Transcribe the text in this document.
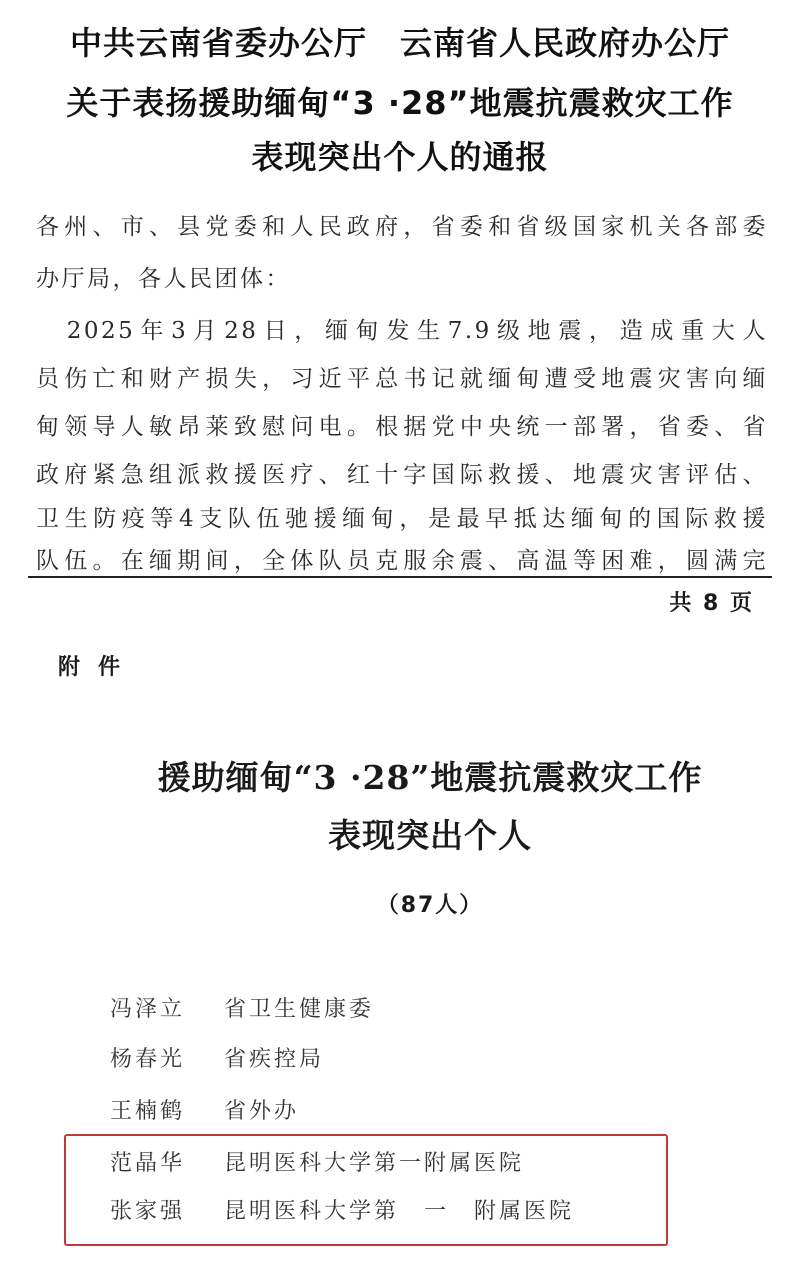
中共云南省委办公厅　云南省人民政府办公厅
关于表扬援助缅甸“3 ·28”地震抗震救灾工作
表现突出个人的通报
各州、市、县党委和人民政府，省委和省级国家机关各部委
办厅局，各人民团体：
　2025年3月28日，缅甸发生7.9级地震，造成重大人
员伤亡和财产损失，习近平总书记就缅甸遭受地震灾害向缅
甸领导人敏昂莱致慰问电。根据党中央统一部署，省委、省
政府紧急组派救援医疗、红十字国际救援、地震灾害评估、
卫生防疫等4支队伍驰援缅甸，是最早抵达缅甸的国际救援
队伍。在缅期间，全体队员克服余震、高温等困难，圆满完
共 8 页
附件
援助缅甸“3 ·28”地震抗震救灾工作
表现突出个人
（87人）
冯泽立 省卫生健康委
杨春光 省疾控局
王楠鹤 省外办
范晶华 昆明医科大学第一附属医院
张家强 昆明医科大学第　一　附属医院
